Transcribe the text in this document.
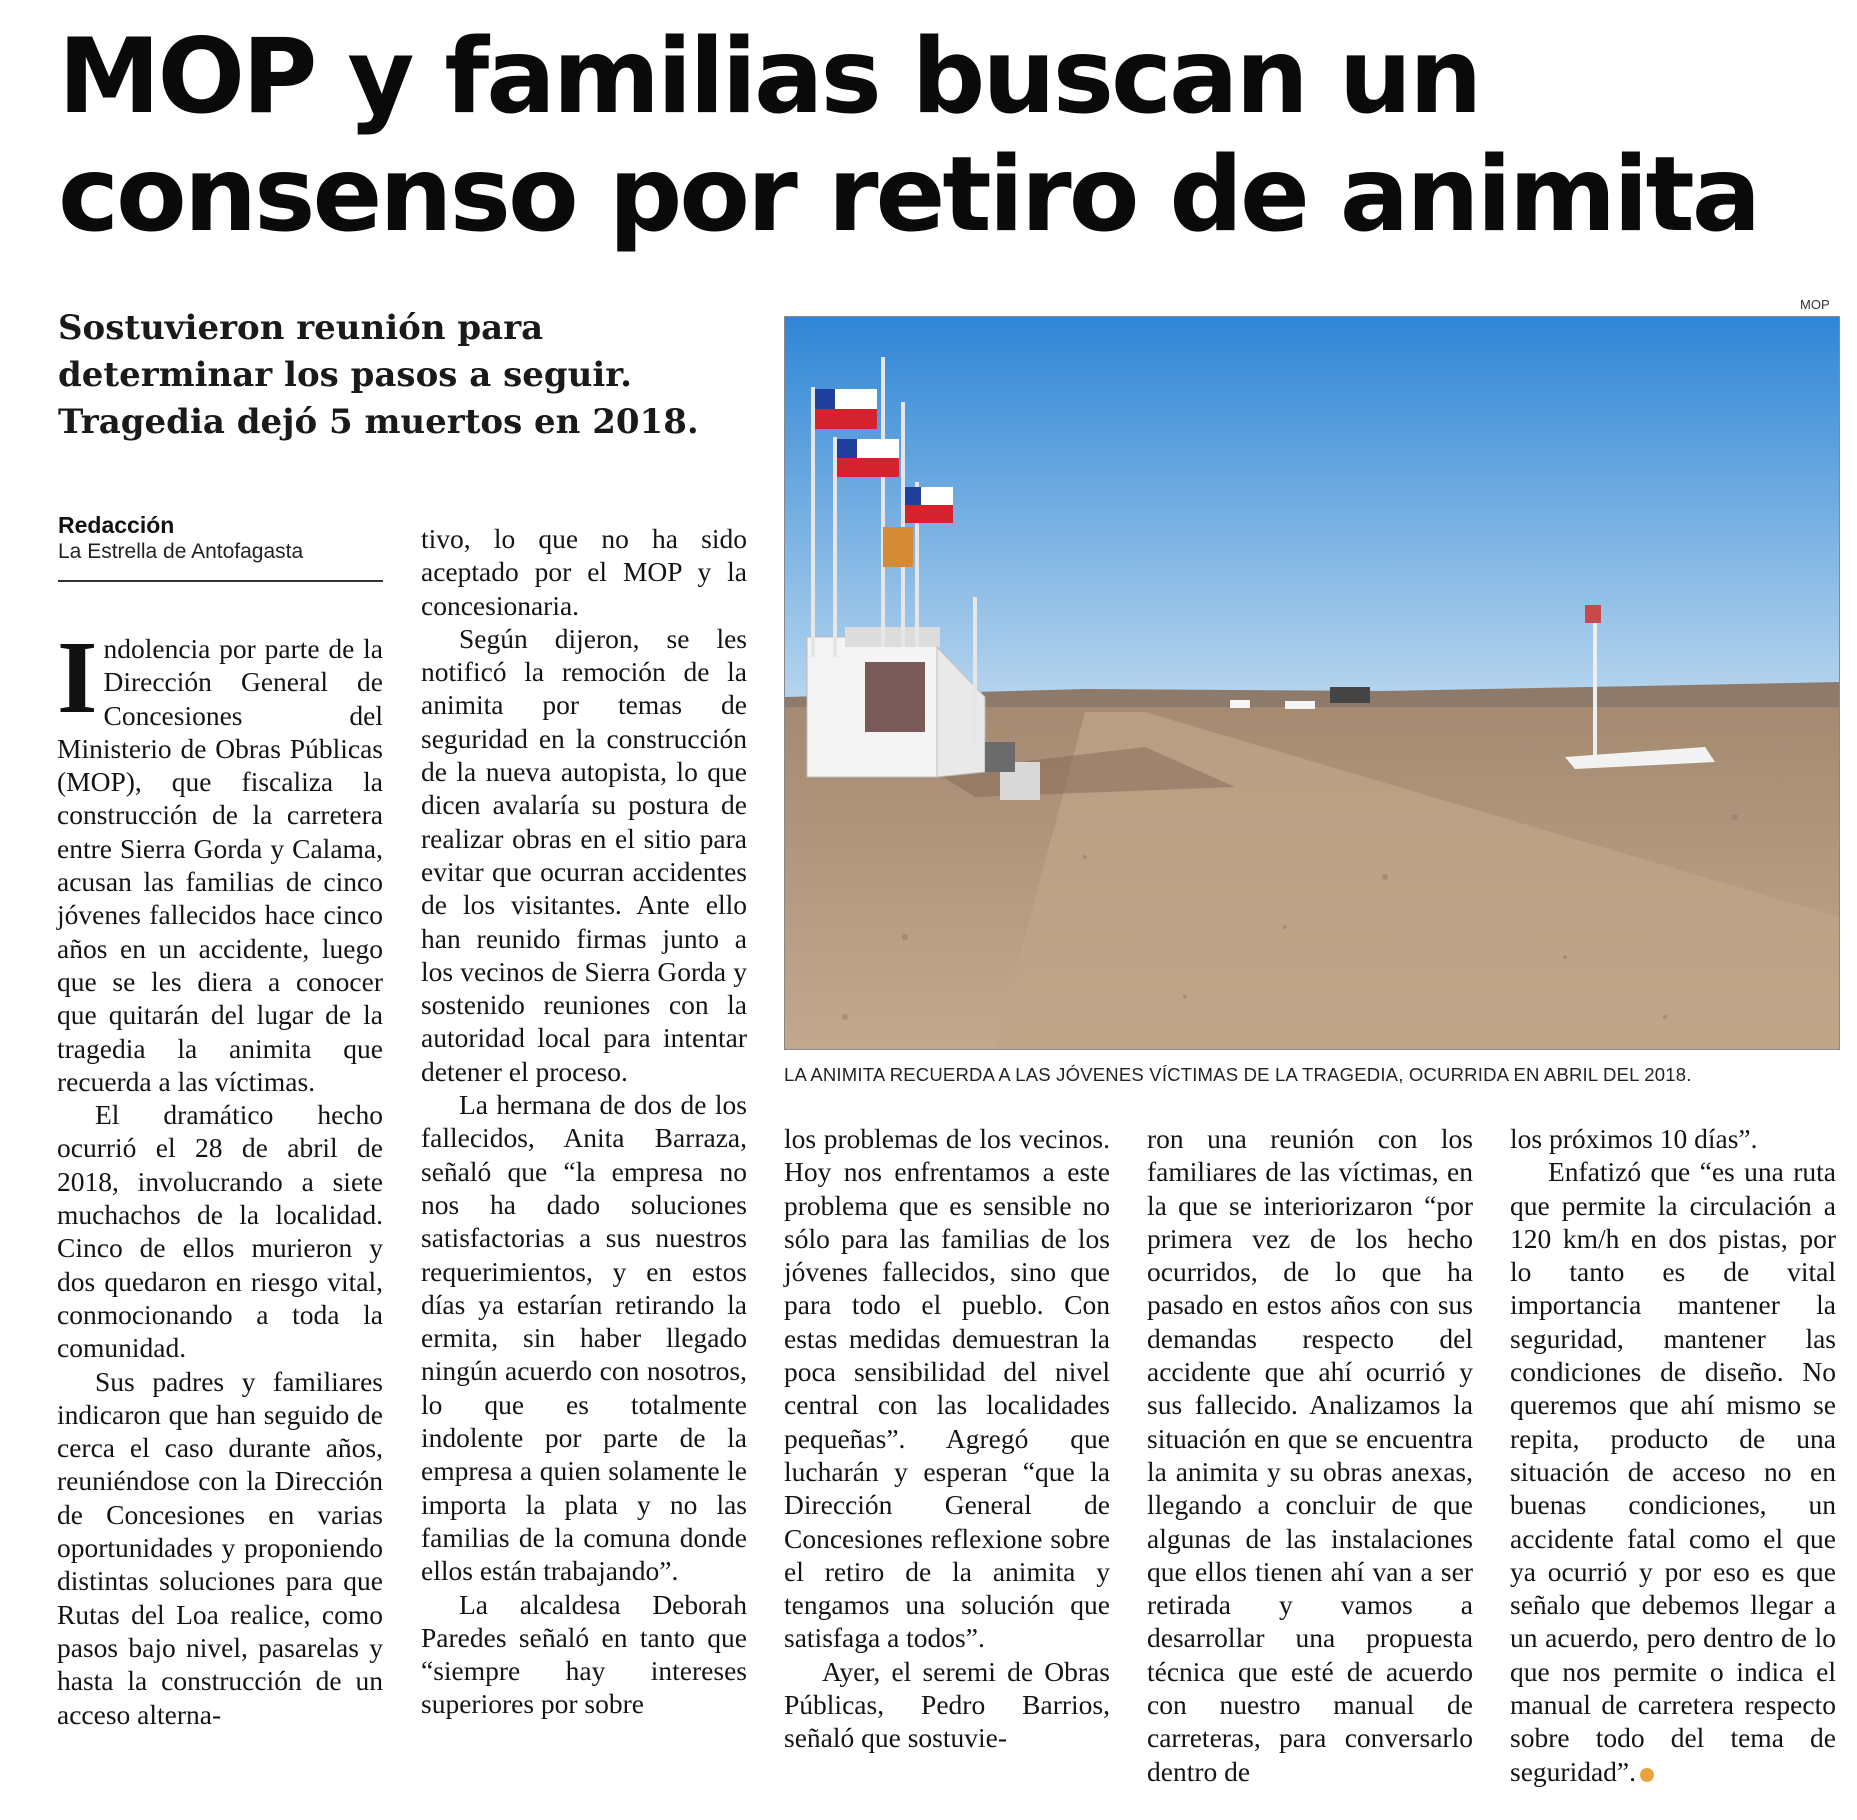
MOP y familias buscan un
consenso por retiro de animita
Sostuvieron reunión para
determinar los pasos a seguir.
Tragedia dejó 5 muertos en 2018.
Redacción
La Estrella de Antofagasta

Indolencia por parte de la Dirección General de Concesiones del Ministerio de Obras Públicas (MOP), que fiscaliza la construcción de la carretera entre Sierra Gorda y Calama, acusan las familias de cinco jóvenes fallecidos hace cinco años en un accidente, luego que se les diera a conocer que quitarán del lugar de la tragedia la animita que recuerda a las víctimas.

El dramático hecho ocurrió el 28 de abril de 2018, involucrando a siete muchachos de la localidad. Cinco de ellos murieron y dos quedaron en riesgo vital, conmocionando a toda la comunidad.

Sus padres y familiares indicaron que han seguido de cerca el caso durante años, reuniéndose con la Dirección de Concesiones en varias oportunidades y proponiendo distintas soluciones para que Rutas del Loa realice, como pasos bajo nivel, pasarelas y hasta la construcción de un acceso alterna-

tivo, lo que no ha sido aceptado por el MOP y la concesionaria.

Según dijeron, se les notificó la remoción de la animita por temas de seguridad en la construcción de la nueva autopista, lo que dicen avalaría su postura de realizar obras en el sitio para evitar que ocurran accidentes de los visitantes. Ante ello han reunido firmas junto a los vecinos de Sierra Gorda y sostenido reuniones con la autoridad local para intentar detener el proceso.

La hermana de dos de los fallecidos, Anita Barraza, señaló que “la empresa no nos ha dado soluciones satisfactorias a sus nuestros requerimientos, y en estos días ya estarían retirando la ermita, sin haber llegado ningún acuerdo con nosotros, lo que es totalmente indolente por parte de la empresa a quien solamente le importa la plata y no las familias de la comuna donde ellos están trabajando”.

La alcaldesa Deborah Paredes señaló en tanto que “siempre hay intereses superiores por sobre

MOP
LA ANIMITA RECUERDA A LAS JÓVENES VÍCTIMAS DE LA TRAGEDIA, OCURRIDA EN ABRIL DEL 2018.

los problemas de los vecinos. Hoy nos enfrentamos a este problema que es sensible no sólo para las familias de los jóvenes fallecidos, sino que para todo el pueblo. Con estas medidas demuestran la poca sensibilidad del nivel central con las localidades pequeñas”. Agregó que lucharán y esperan “que la Dirección General de Concesiones reflexione sobre el retiro de la animita y tengamos una solución que satisfaga a todos”.

Ayer, el seremi de Obras Públicas, Pedro Barrios, señaló que sostuvie-

ron una reunión con los familiares de las víctimas, en la que se interiorizaron “por primera vez de los hecho ocurridos, de lo que ha pasado en estos años con sus demandas respecto del accidente que ahí ocurrió y sus fallecido. Analizamos la situación en que se encuentra la animita y su obras anexas, llegando a concluir de que algunas de las instalaciones que ellos tienen ahí van a ser retirada y vamos a desarrollar una propuesta técnica que esté de acuerdo con nuestro manual de carreteras, para conversarlo dentro de

los próximos 10 días”.

Enfatizó que “es una ruta que permite la circulación a 120 km/h en dos pistas, por lo tanto es de vital importancia mantener la seguridad, mantener las condiciones de diseño. No queremos que ahí mismo se repita, producto de una situación de acceso no en buenas condiciones, un accidente fatal como el que ya ocurrió y por eso es que señalo que debemos llegar a un acuerdo, pero dentro de lo que nos permite o indica el manual de carretera respecto sobre todo del tema de seguridad”.
